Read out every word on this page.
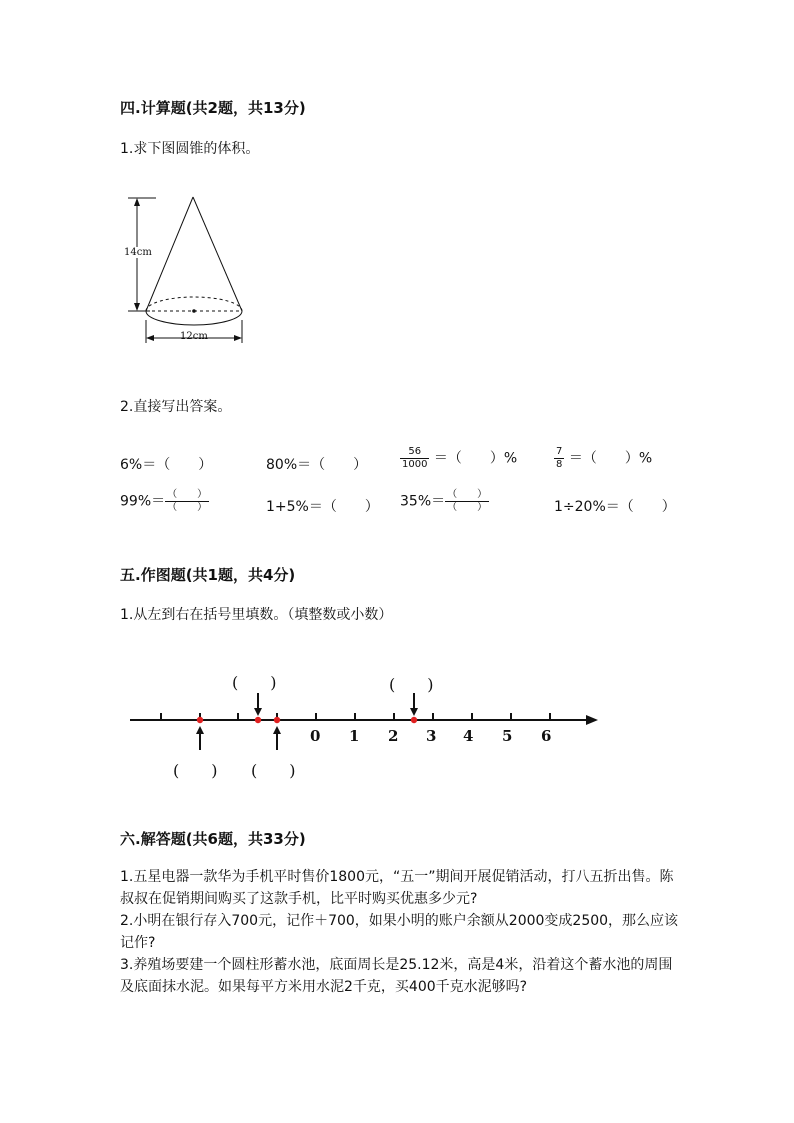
四.计算题(共2题，共13分)
1.求下图圆锥的体积。
14cm
12cm
2.直接写出答案。
6%＝（　　）	80%＝（　　）	$\frac{56}{1000}$ ＝（　　）%	$\frac{7}{8}$ ＝（　　）%
$99\%= \frac{( )}{( )}$	1+5%＝（　　） $35\%= \frac{( )}{( )}$	1÷20%＝（　　）
五.作图题(共1题，共4分)
1.从左到右在括号里填数。（填整数或小数）
0 1 2 3 4 5 6
(　　)	(　　)
(　　) (　　)
六.解答题(共6题，共33分)

1.五星电器一款华为手机平时售价1800元，“五一”期间开展促销活动，打八五折出售。陈叔叔在促销期间购买了这款手机，比平时购买优惠多少元?

2.小明在银行存入700元，记作＋700，如果小明的账户余额从2000变成2500，那么应该记作?

3.养殖场要建一个圆柱形蓄水池，底面周长是25.12米，高是4米，沿着这个蓄水池的周围及底面抹水泥。如果每平方米用水泥2千克，买400千克水泥够吗?
